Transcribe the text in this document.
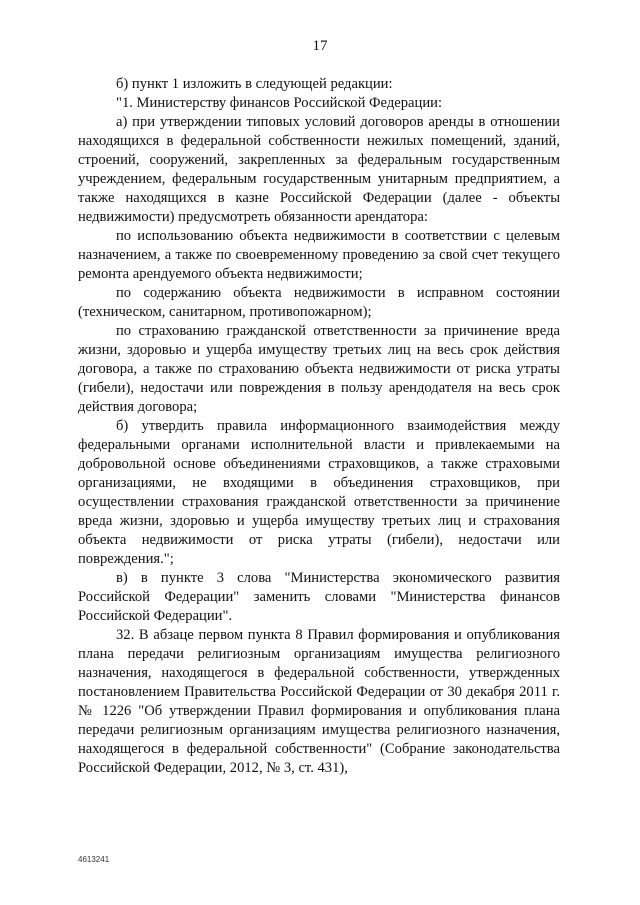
17

б) пункт 1 изложить в следующей редакции:

"1. Министерству финансов Российской Федерации:

а) при утверждении типовых условий договоров аренды в отношении находящихся в федеральной собственности нежилых помещений, зданий, строений, сооружений, закрепленных за федеральным государственным учреждением, федеральным государственным унитарным предприятием, а также находящихся в казне Российской Федерации (далее - объекты недвижимости) предусмотреть обязанности арендатора:

по использованию объекта недвижимости в соответствии с целевым назначением, а также по своевременному проведению за свой счет текущего ремонта арендуемого объекта недвижимости;

по содержанию объекта недвижимости в исправном состоянии (техническом, санитарном, противопожарном);

по страхованию гражданской ответственности за причинение вреда жизни, здоровью и ущерба имуществу третьих лиц на весь срок действия договора, а также по страхованию объекта недвижимости от риска утраты (гибели), недостачи или повреждения в пользу арендодателя на весь срок действия договора;

б) утвердить правила информационного взаимодействия между федеральными органами исполнительной власти и привлекаемыми на добровольной основе объединениями страховщиков, а также страховыми организациями, не входящими в объединения страховщиков, при осуществлении страхования гражданской ответственности за причинение вреда жизни, здоровью и ущерба имуществу третьих лиц и страхования объекта недвижимости от риска утраты (гибели), недостачи или повреждения.";

в) в пункте 3 слова "Министерства экономического развития Российской Федерации" заменить словами "Министерства финансов Российской Федерации".

32. В абзаце первом пункта 8 Правил формирования и опубликования плана передачи религиозным организациям имущества религиозного назначения, находящегося в федеральной собственности, утвержденных постановлением Правительства Российской Федерации от 30 декабря 2011 г. № 1226 "Об утверждении Правил формирования и опубликования плана передачи религиозным организациям имущества религиозного назначения, находящегося в федеральной собственности" (Собрание законодательства Российской Федерации, 2012, № 3, ст. 431),

4613241
